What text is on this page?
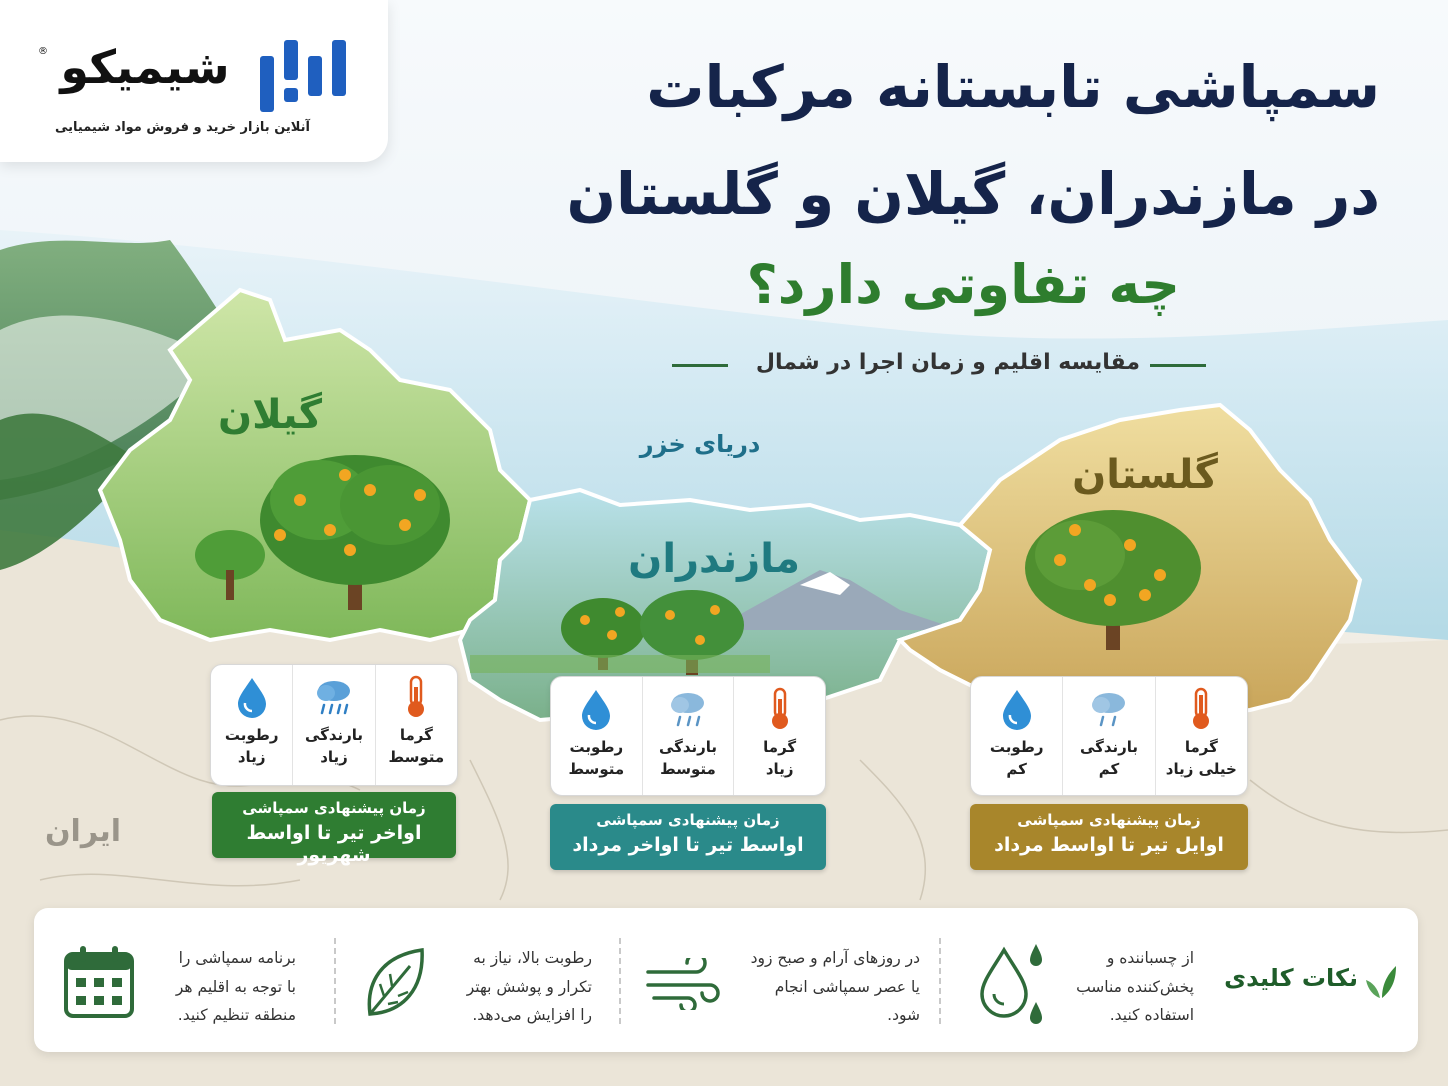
® شیمیکو
آنلاین بازار خرید و فروش مواد شیمیایی
سمپاشی تابستانه مرکبات
در مازندران، گیلان و گلستان
چه تفاوتی دارد؟
مقایسه اقلیم و زمان اجرا در شمال
دریای خزر
ایران
گیلان
مازندران
گلستان
گرما
متوسط
بارندگی
زیاد
رطوبت
زیاد
زمان پیشنهادی سمپاشی
اواخر تیر تا اواسط شهریور
گرما
زیاد
بارندگی
متوسط
رطوبت
متوسط
زمان پیشنهادی سمپاشی
اواسط تیر تا اواخر مرداد
گرما
خیلی زیاد
بارندگی
کم
رطوبت
کم
زمان پیشنهادی سمپاشی
اوایل تیر تا اواسط مرداد
نکات کلیدی
از چسباننده و
پخش‌کننده مناسب
استفاده کنید.
در روزهای آرام و صبح زود
یا عصر سمپاشی انجام
شود.
رطوبت بالا، نیاز به
تکرار و پوشش بهتر
را افزایش می‌دهد.
برنامه سمپاشی را
با توجه به اقلیم هر
منطقه تنظیم کنید.
